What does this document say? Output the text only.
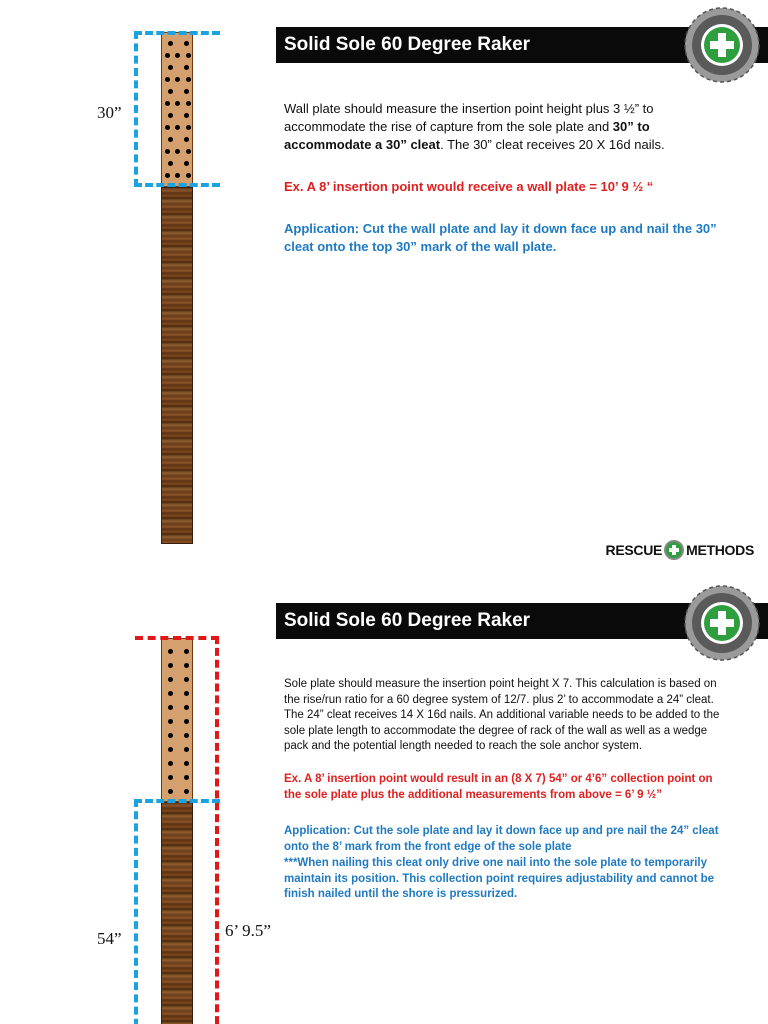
Solid Sole 60 Degree Raker
30”	Wall plate should measure the insertion point height plus 3 ½” to accommodate the rise of capture from the sole plate and 30” to accommodate a 30” cleat. The 30” cleat receives 20 X 16d nails.
Ex. A 8’ insertion point would receive a wall plate = 10’ 9 ½ “
Application: Cut the wall plate and lay it down face up and nail the 30” cleat onto the top 30” mark of the wall plate.
RESCUE METHODS
Solid Sole 60 Degree Raker
54”	6’ 9.5”
Sole plate should measure the insertion point height X 7. This calculation is based on the rise/run ratio for a 60 degree system of 12/7. plus 2’ to accommodate a 24” cleat. The 24” cleat receives 14 X 16d nails. An additional variable needs to be added to the sole plate length to accommodate the degree of rack of the wall as well as a wedge pack and the potential length needed to reach the sole anchor system.
Ex. A 8’ insertion point would result in an (8 X 7) 54” or 4’6” collection point on the sole plate plus the additional measurements from above = 6’ 9 ½”
Application: Cut the sole plate and lay it down face up and pre nail the 24” cleat onto the 8’ mark from the front edge of the sole plate
***When nailing this cleat only drive one nail into the sole plate to temporarily maintain its position. This collection point requires adjustability and cannot be finish nailed until the shore is pressurized.
